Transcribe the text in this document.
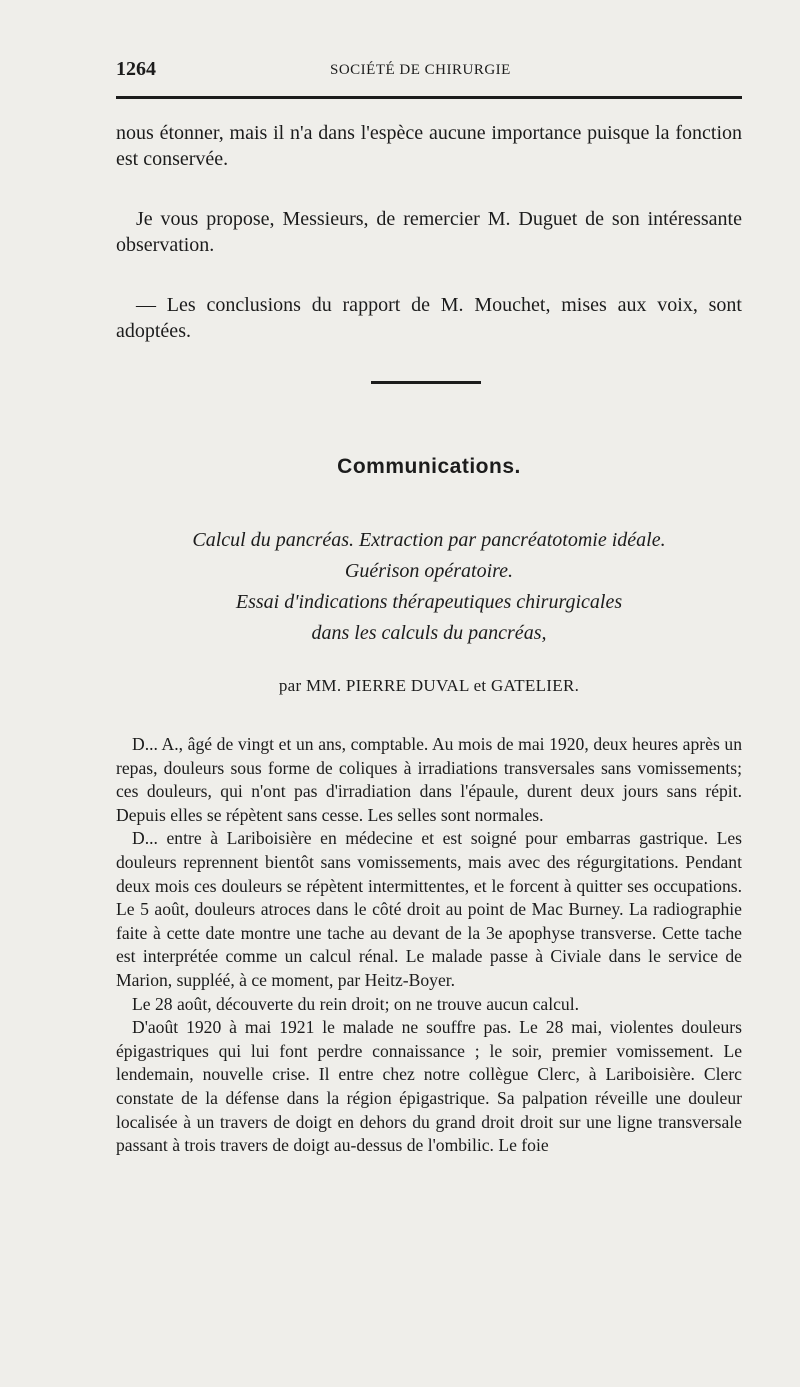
1264	SOCIÉTÉ DE CHIRURGIE

nous étonner, mais il n'a dans l'espèce aucune importance puisque la fonction est conservée.

Je vous propose, Messieurs, de remercier M. Duguet de son intéressante observation.

— Les conclusions du rapport de M. Mouchet, mises aux voix, sont adoptées.

Communications.
Calcul du pancréas. Extraction par pancréatotomie idéale.
Guérison opératoire.
Essai d'indications thérapeutiques chirurgicales
dans les calculs du pancréas,

par MM. PIERRE DUVAL et GATELIER.

D... A., âgé de vingt et un ans, comptable. Au mois de mai 1920, deux heures après un repas, douleurs sous forme de coliques à irradiations transversales sans vomissements; ces douleurs, qui n'ont pas d'irradiation dans l'épaule, durent deux jours sans répit. Depuis elles se répètent sans cesse. Les selles sont normales.

D... entre à Lariboisière en médecine et est soigné pour embarras gastrique. Les douleurs reprennent bientôt sans vomissements, mais avec des régurgitations. Pendant deux mois ces douleurs se répètent intermittentes, et le forcent à quitter ses occupations. Le 5 août, douleurs atroces dans le côté droit au point de Mac Burney. La radiographie faite à cette date montre une tache au devant de la 3e apophyse transverse. Cette tache est interprétée comme un calcul rénal. Le malade passe à Civiale dans le service de Marion, suppléé, à ce moment, par Heitz-Boyer.

Le 28 août, découverte du rein droit; on ne trouve aucun calcul.

D'août 1920 à mai 1921 le malade ne souffre pas. Le 28 mai, violentes douleurs épigastriques qui lui font perdre connaissance ; le soir, premier vomissement. Le lendemain, nouvelle crise. Il entre chez notre collègue Clerc, à Lariboisière. Clerc constate de la défense dans la région épigastrique. Sa palpation réveille une douleur localisée à un travers de doigt en dehors du grand droit droit sur une ligne transversale passant à trois travers de doigt au-dessus de l'ombilic. Le foie
